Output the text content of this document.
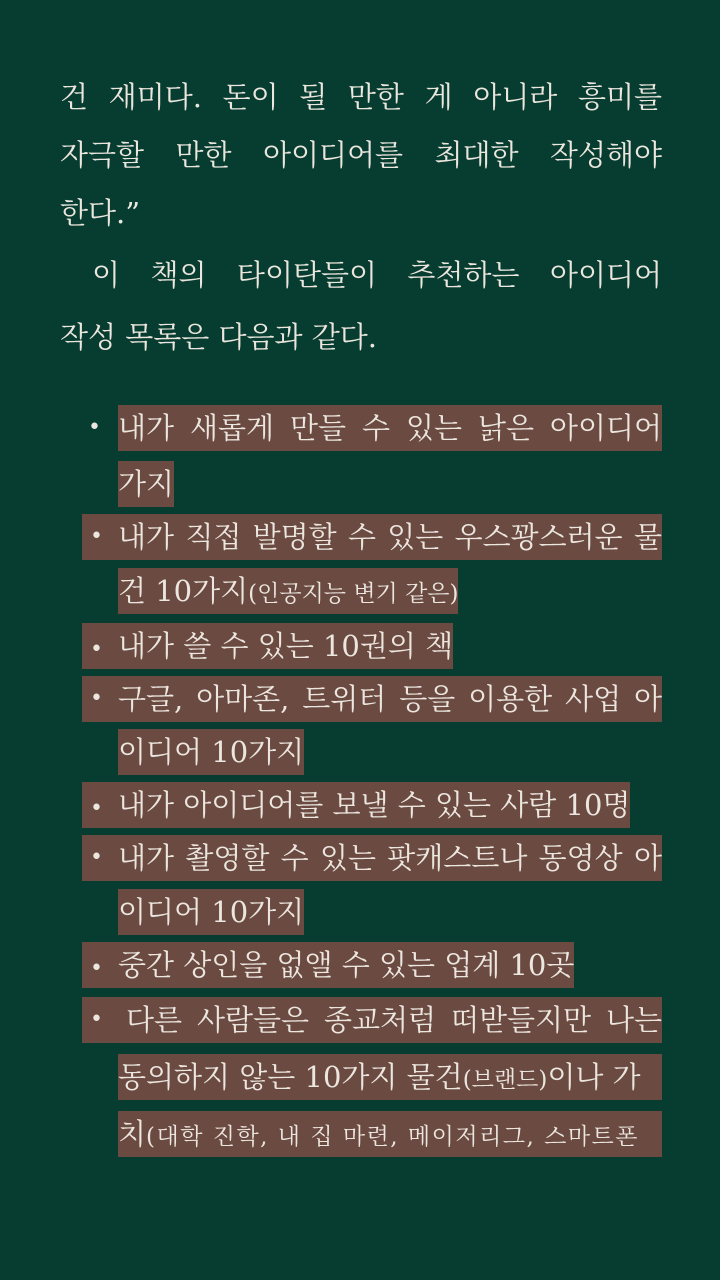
건 재미다. 돈이 될 만한 게 아니라 흥미를
자극할 만한 아이디어를 최대한 작성해야
한다.”
이 책의 타이탄들이 추천하는 아이디어
작성 목록은 다음과 같다.
• 내가 새롭게 만들 수 있는 낡은 아이디어
가지
• 내가 직접 발명할 수 있는 우스꽝스러운 물
건 10가지(인공지능 변기 같은)
• 내가 쓸 수 있는 10권의 책
• 구글, 아마존, 트위터 등을 이용한 사업 아
이디어 10가지
• 내가 아이디어를 보낼 수 있는 사람 10명
• 내가 촬영할 수 있는 팟캐스트나 동영상 아
이디어 10가지
• 중간 상인을 없앨 수 있는 업계 10곳
• 다른 사람들은 종교처럼 떠받들지만 나는
동의하지 않는 10가지 물건(브랜드)이나 가
치(대학 진학, 내 집 마련, 메이저리그, 스마트폰
